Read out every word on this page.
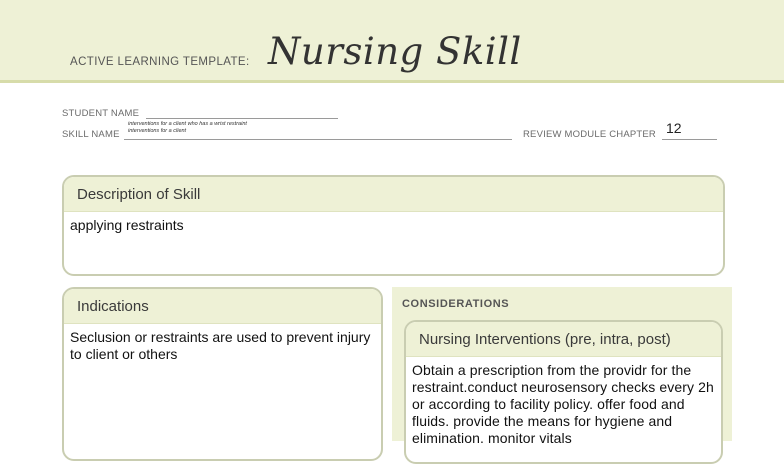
ACTIVE LEARNING TEMPLATE: Nursing Skill
STUDENT NAME
SKILL NAME
interventions for a client who has a wrist restraint
interventions for a client	REVIEW MODULE CHAPTER 12
Description of Skill
applying restraints
Indications
Seclusion or restraints are used to prevent injury to client or others
CONSIDERATIONS
Nursing Interventions (pre, intra, post)
Obtain a prescription from the providr for the restraint.conduct neurosensory checks every 2h or according to facility policy. offer food and fluids. provide the means for hygiene and elimination. monitor vitals
